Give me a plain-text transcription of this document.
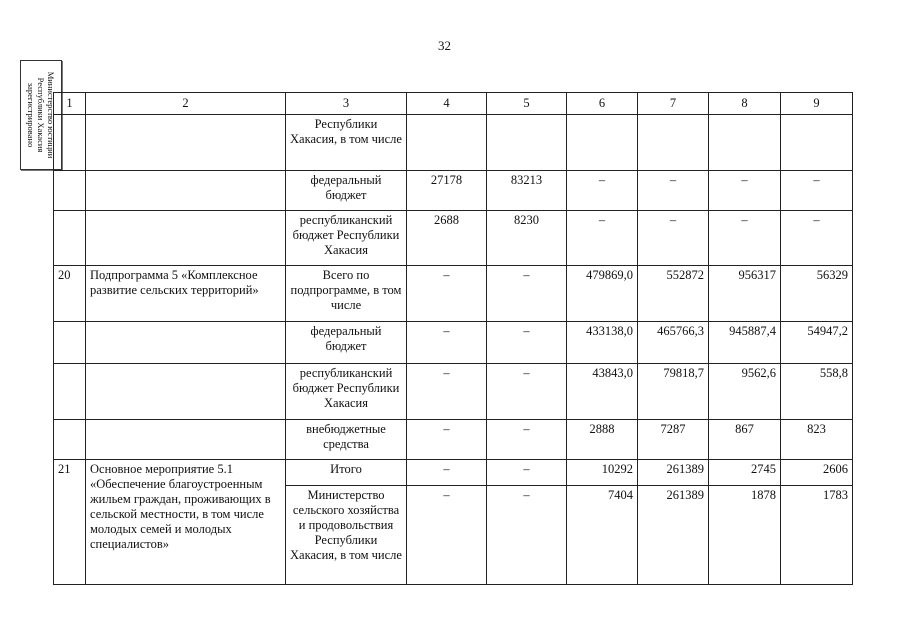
32
Министерство юстиции
Республики Хакасия
зарегистрировано 1	2	3	4	5	6	7	8	9
		Республики Хакасия, в том числе						
		федеральный бюджет	27178	83213	–	–	–	–
		республиканский бюджет Республики Хакасия	2688	8230	–	–	–	–
20	Подпрограмма 5 «Комплексное развитие сельских территорий»	Всего по подпрограмме, в том числе	–	–	479869,0	552872	956317	56329
		федеральный бюджет	–	–	433138,0	465766,3	945887,4	54947,2
		республиканский бюджет Республики Хакасия	–	–	43843,0	79818,7	9562,6	558,8
		внебюджетные средства	–	–	2888	7287	867	823
21	Основное мероприятие 5.1 «Обеспечение благоустроенным жильем граждан, проживающих в сельской местности, в том числе молодых семей и молодых специалистов»	Итого	–	–	10292	261389	2745	2606
		Министерство сельского хозяйства и продовольствия Республики Хакасия, в том числе	–	–	7404	261389	1878	1783
